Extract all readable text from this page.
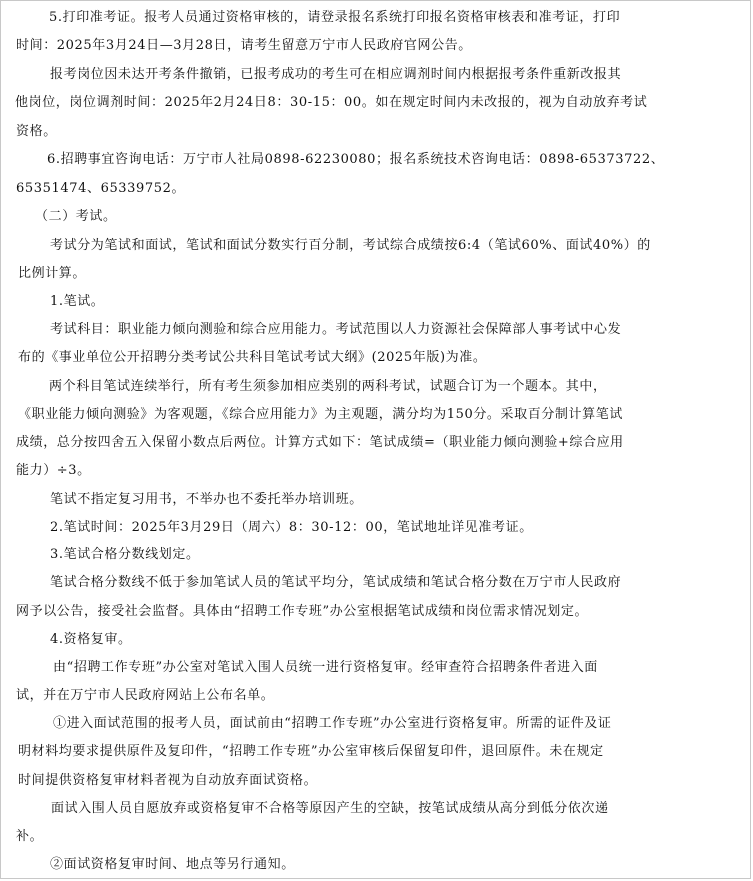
5.打印准考证。报考人员通过资格审核的，请登录报名系统打印报名资格审核表和准考证，打印
时间：2025年3月24日—3月28日，请考生留意万宁市人民政府官网公告。
报考岗位因未达开考条件撤销，已报考成功的考生可在相应调剂时间内根据报考条件重新改报其
他岗位，岗位调剂时间：2025年2月24日8：30-15：00。如在规定时间内未改报的，视为自动放弃考试
资格。
6.招聘事宜咨询电话：万宁市人社局0898-62230080；报名系统技术咨询电话：0898-65373722、
65351474、65339752。
（二）考试。
考试分为笔试和面试，笔试和面试分数实行百分制，考试综合成绩按6:4（笔试60%、面试40%）的
比例计算。
1.笔试。
考试科目：职业能力倾向测验和综合应用能力。考试范围以人力资源社会保障部人事考试中心发
布的《事业单位公开招聘分类考试公共科目笔试考试大纲》(2025年版)为准。
两个科目笔试连续举行，所有考生须参加相应类别的两科考试，试题合订为一个题本。其中，
《职业能力倾向测验》为客观题，《综合应用能力》为主观题，满分均为150分。采取百分制计算笔试
成绩，总分按四舍五入保留小数点后两位。计算方式如下：笔试成绩=（职业能力倾向测验+综合应用
能力）÷3。
笔试不指定复习用书，不举办也不委托举办培训班。
2.笔试时间：2025年3月29日（周六）8：30-12：00，笔试地址详见准考证。
3.笔试合格分数线划定。
笔试合格分数线不低于参加笔试人员的笔试平均分，笔试成绩和笔试合格分数在万宁市人民政府
网予以公告，接受社会监督。具体由“招聘工作专班”办公室根据笔试成绩和岗位需求情况划定。
4.资格复审。
由“招聘工作专班”办公室对笔试入围人员统一进行资格复审。经审查符合招聘条件者进入面
试，并在万宁市人民政府网站上公布名单。
①进入面试范围的报考人员，面试前由“招聘工作专班”办公室进行资格复审。所需的证件及证
明材料均要求提供原件及复印件，“招聘工作专班”办公室审核后保留复印件，退回原件。未在规定
时间提供资格复审材料者视为自动放弃面试资格。
面试入围人员自愿放弃或资格复审不合格等原因产生的空缺，按笔试成绩从高分到低分依次递
补。
②面试资格复审时间、地点等另行通知。
